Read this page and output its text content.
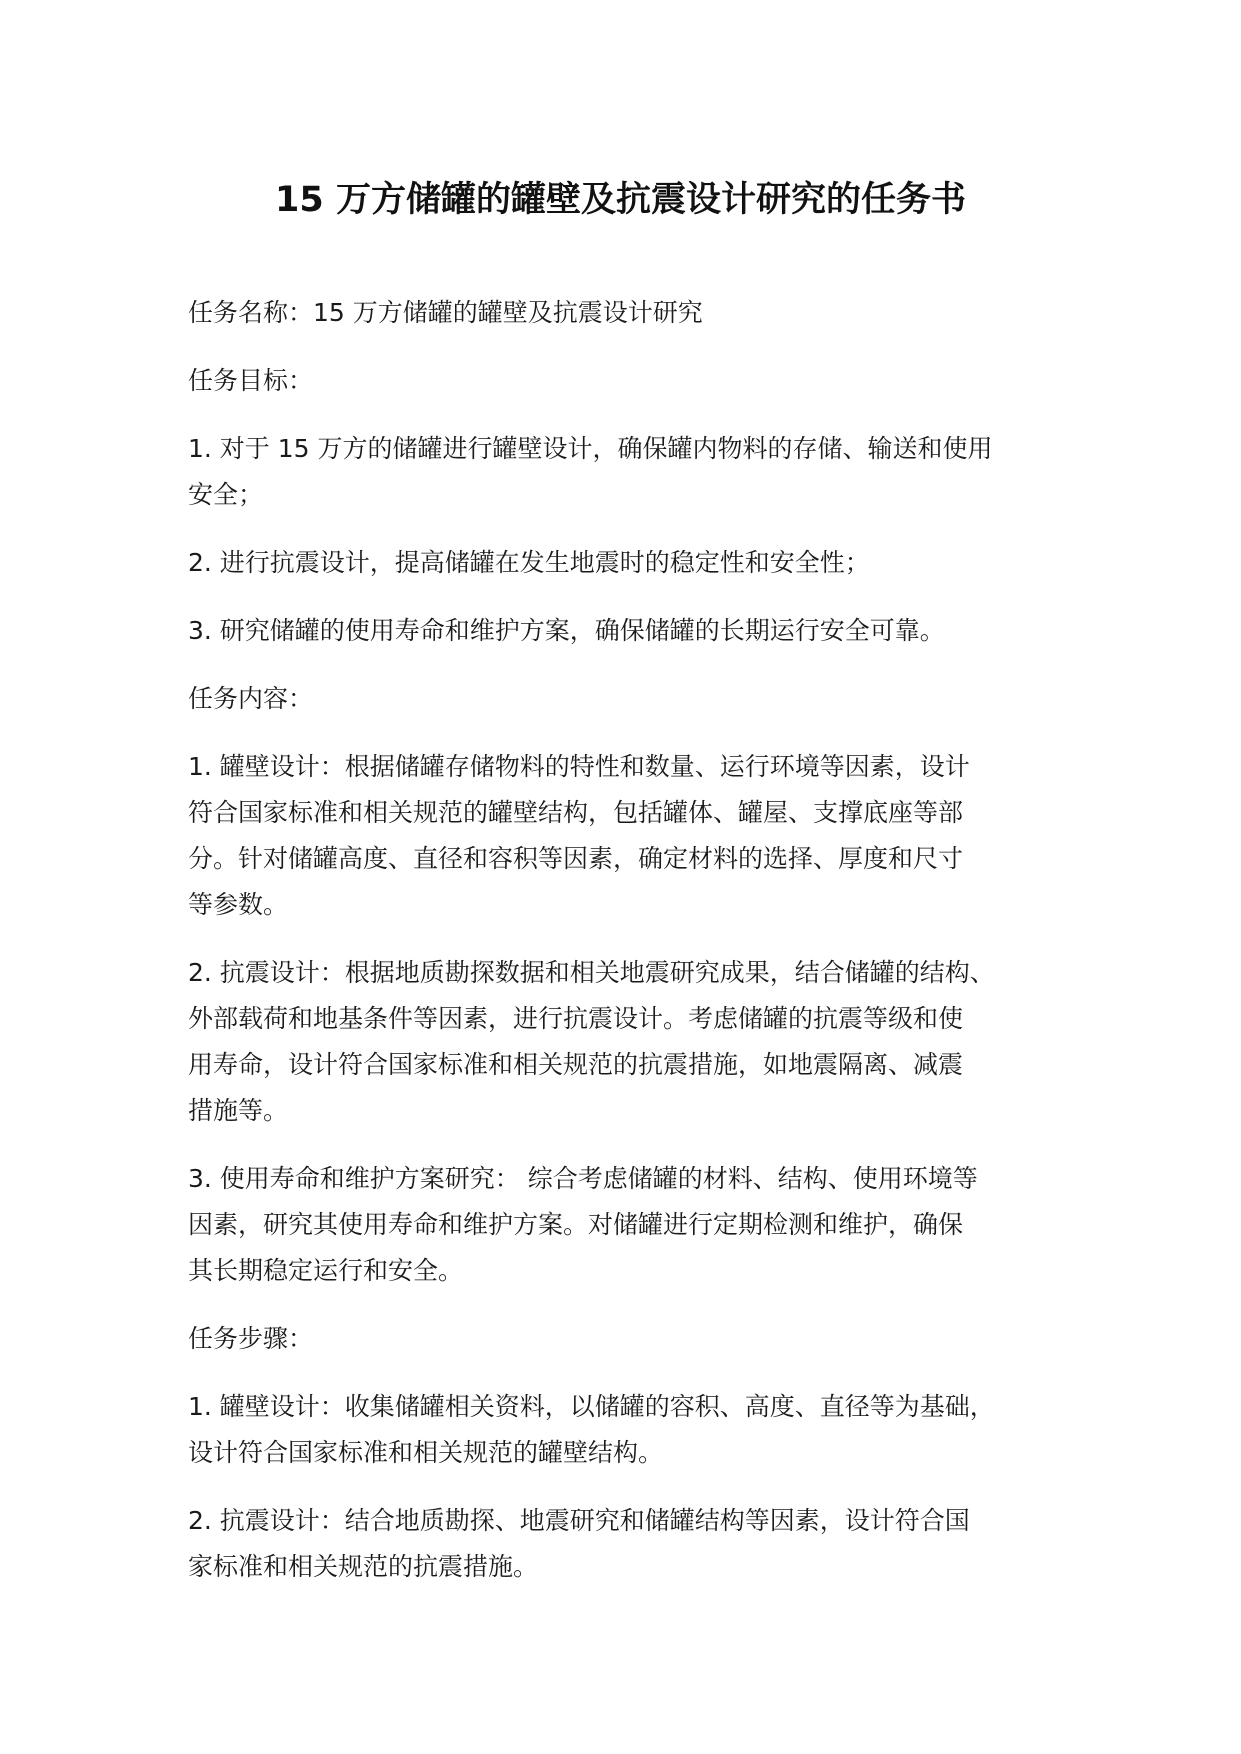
15 万方储罐的罐壁及抗震设计研究的任务书

任务名称：15 万方储罐的罐壁及抗震设计研究

任务目标：

1. 对于 15 万方的储罐进行罐壁设计，确保罐内物料的存储、输送和使用
安全；

2. 进行抗震设计，提高储罐在发生地震时的稳定性和安全性；

3. 研究储罐的使用寿命和维护方案，确保储罐的长期运行安全可靠。

任务内容：

1. 罐壁设计：根据储罐存储物料的特性和数量、运行环境等因素，设计
符合国家标准和相关规范的罐壁结构，包括罐体、罐屋、支撑底座等部
分。针对储罐高度、直径和容积等因素，确定材料的选择、厚度和尺寸
等参数。

2. 抗震设计：根据地质勘探数据和相关地震研究成果，结合储罐的结构、
外部载荷和地基条件等因素，进行抗震设计。考虑储罐的抗震等级和使
用寿命，设计符合国家标准和相关规范的抗震措施，如地震隔离、减震
措施等。

3. 使用寿命和维护方案研究： 综合考虑储罐的材料、结构、使用环境等
因素，研究其使用寿命和维护方案。对储罐进行定期检测和维护，确保
其长期稳定运行和安全。

任务步骤：

1. 罐壁设计：收集储罐相关资料，以储罐的容积、高度、直径等为基础，
设计符合国家标准和相关规范的罐壁结构。

2. 抗震设计：结合地质勘探、地震研究和储罐结构等因素，设计符合国
家标准和相关规范的抗震措施。
